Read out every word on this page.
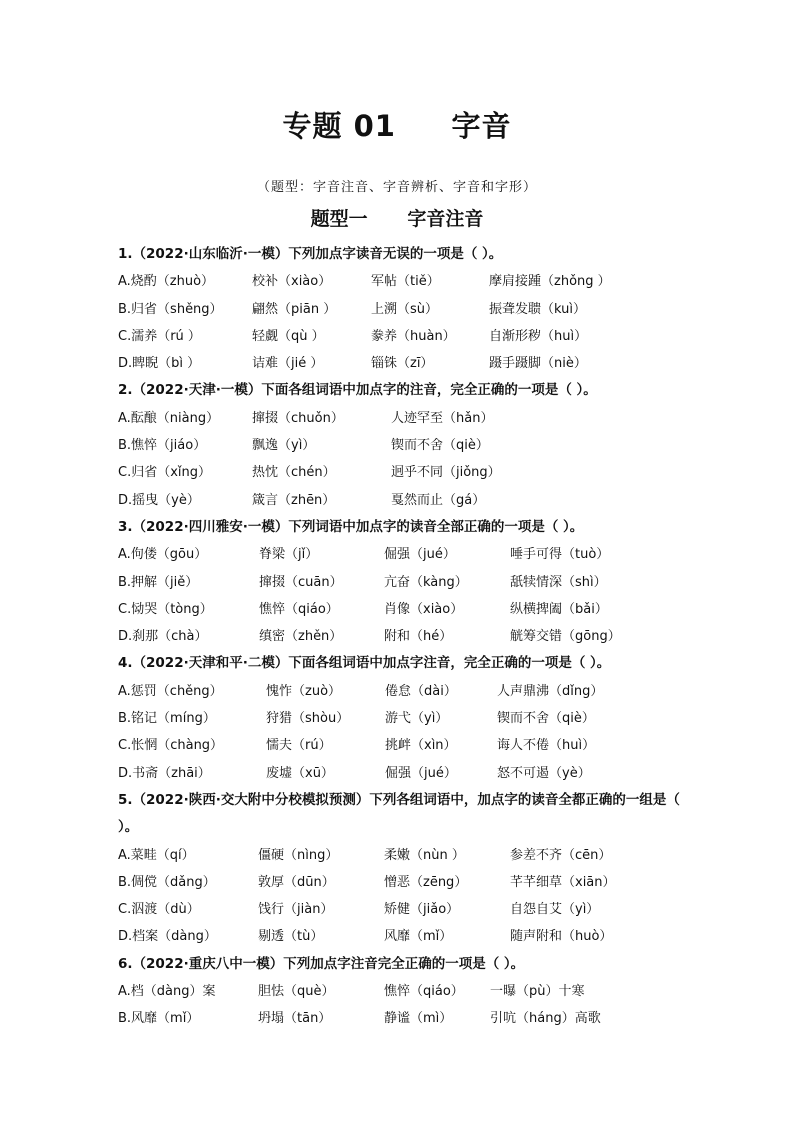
专题 01     字音
（题型：字音注音、字音辨析、字音和字形）
题型一      字音注音
1.（2022·山东临沂·一模）下列加点字读音无误的一项是（ ）。
A.烧酌（zhuò）	校补（xiào）	军帖（tiě）	摩肩接踵（zhǒng ）
B.归省（shěng） 翩然（piān ）	上溯（sù）	振聋发聩（kuì）
C.濡养（rú ）	轻觑（qù ）	豢养（huàn）	自渐形秽（huì）
D.睥睨（bì ）	诘难（jié ）	锱铢（zī）	蹑手蹑脚（niè）
2.（2022·天津·一模）下面各组词语中加点字的注音，完全正确的一项是（ ）。
A.酝酿（niàng）	撺掇（chuǒn）	人迹罕至（hǎn）
B.憔悴（jiáo）	飘逸（yì）	锲而不舍（qiè）
C.归省（xǐng）	热忱（chén）	迥乎不同（jiǒng）
D.摇曳（yè）	箴言（zhēn）	戛然而止（gá）
3.（2022·四川雅安·一模）下列词语中加点字的读音全部正确的一项是（ ）。
A.佝偻（gōu）	脊梁（jǐ）	倔强（jué）	唾手可得（tuò）
B.押解（jiě）	撺掇（cuān）	亢奋（kàng）	舐犊情深（shì）
C.恸哭（tòng）	憔悴（qiáo）	肖像（xiào）	纵横捭阖（bǎi）
D.刹那（chà）	缜密（zhěn）	附和（hé）	觥筹交错（gōng）
4.（2022·天津和平·二模）下面各组词语中加点字注音，完全正确的一项是（ ）。
A.惩罚（chěng）	愧怍（zuò）	倦怠（dài）	人声鼎沸（dǐng）
B.铭记（míng）	狩猎（shòu）	游弋（yì）	锲而不舍（qiè）
C.怅惘（chàng）	懦夫（rú）	挑衅（xìn）	诲人不倦（huì）
D.书斋（zhāi）	废墟（xū）	倔强（jué）	怒不可遏（yè）
5.（2022·陕西·交大附中分校模拟预测）下列各组词语中，加点字的读音全都正确的一组是（ ）。
A.菜畦（qí）	僵硬（nìng）	柔嫩（nùn ）	参差不齐（cēn）
B.倜傥（dǎng）	敦厚（dūn）	憎恶（zēng）	芊芊细草（xiān）
C.泅渡（dù）	饯行（jiàn）	矫健（jiǎo）	自怨自艾（yì）
D.档案（dàng）	剔透（tù）	风靡（mǐ）	随声附和（huò）
6.（2022·重庆八中一模）下列加点字注音完全正确的一项是（ ）。
A.档（dàng）案	胆怯（què）	憔悴（qiáo） 一曝（pù）十寒
B.风靡（mǐ）	坍塌（tān）	静谧（mì）	引吭（háng）高歌
